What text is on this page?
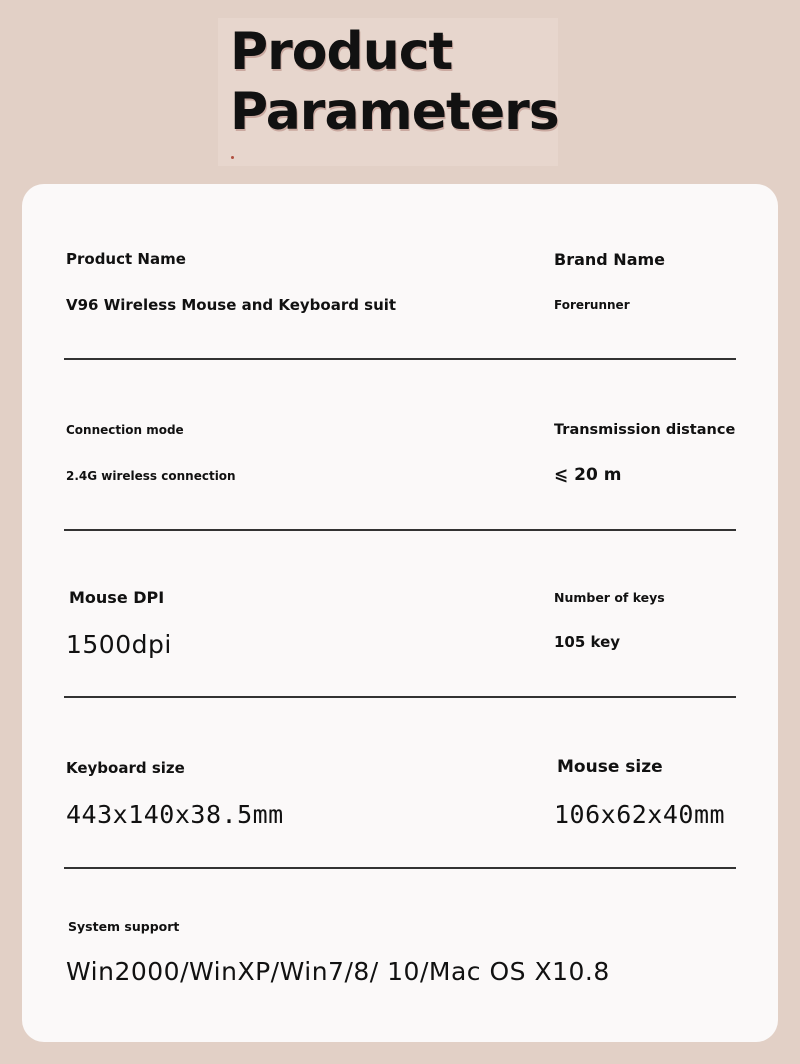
Product
Parameters

Product Name

V96 Wireless Mouse and Keyboard suit

Brand Name

Forerunner

Connection mode

2.4G wireless connection

Transmission distance

⩽ 20 m

Mouse DPI

1500dpi

Number of keys

105 key

Keyboard size

443x140x38.5mm

Mouse size

106x62x40mm

System support

Win2000/WinXP/Win7/8/ 10/Mac OS X10.8
